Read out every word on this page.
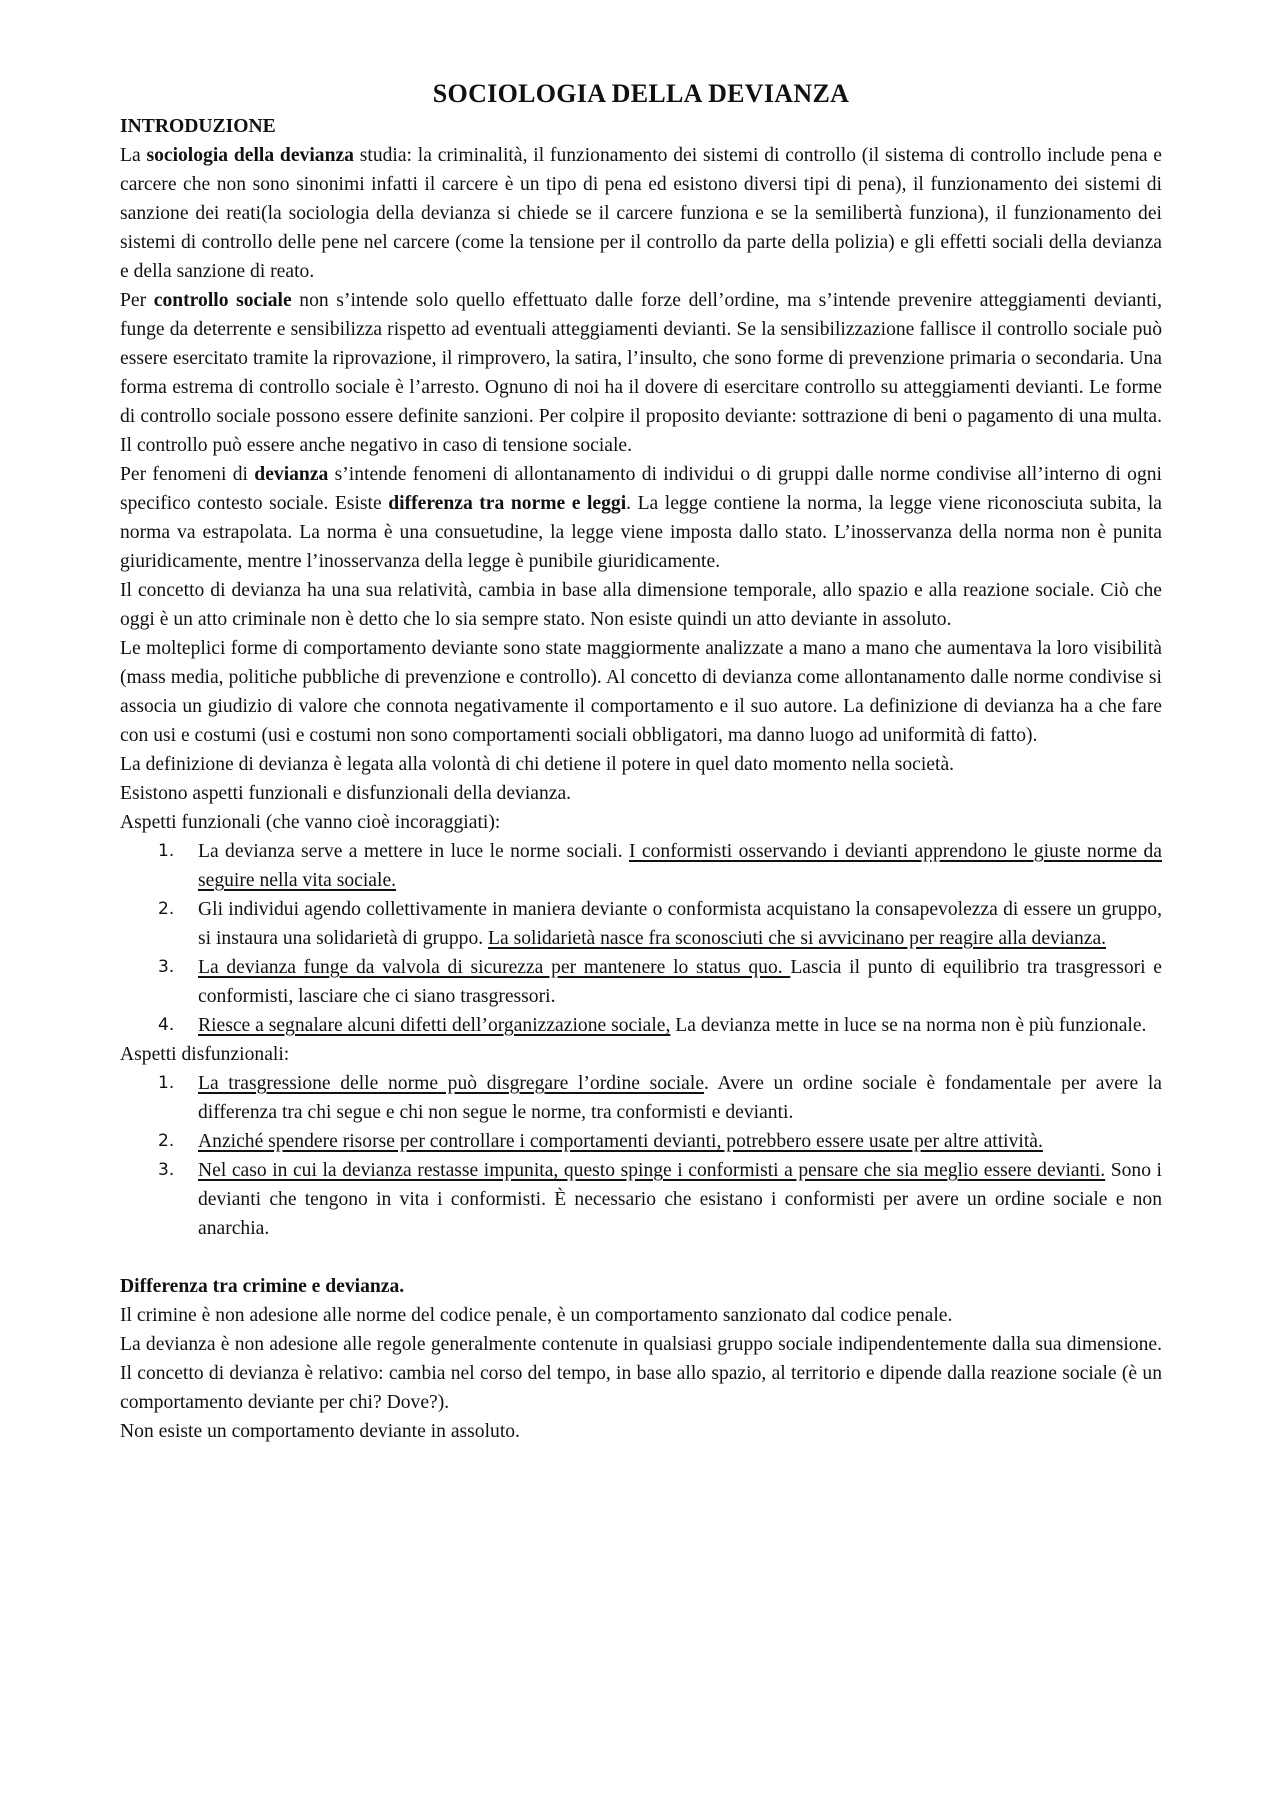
SOCIOLOGIA DELLA DEVIANZA
INTRODUZIONE

La sociologia della devianza studia: la criminalità, il funzionamento dei sistemi di controllo (il sistema di controllo include pena e carcere che non sono sinonimi infatti il carcere è un tipo di pena ed esistono diversi tipi di pena), il funzionamento dei sistemi di sanzione dei reati(la sociologia della devianza si chiede se il carcere funziona e se la semilibertà funziona), il funzionamento dei sistemi di controllo delle pene nel carcere (come la tensione per il controllo da parte della polizia) e gli effetti sociali della devianza e della sanzione di reato.

Per controllo sociale non s’intende solo quello effettuato dalle forze dell’ordine, ma s’intende prevenire atteggiamenti devianti, funge da deterrente e sensibilizza rispetto ad eventuali atteggiamenti devianti. Se la sensibilizzazione fallisce il controllo sociale può essere esercitato tramite la riprovazione, il rimprovero, la satira, l’insulto, che sono forme di prevenzione primaria o secondaria. Una forma estrema di controllo sociale è l’arresto. Ognuno di noi ha il dovere di esercitare controllo su atteggiamenti devianti. Le forme di controllo sociale possono essere definite sanzioni. Per colpire il proposito deviante: sottrazione di beni o pagamento di una multa. Il controllo può essere anche negativo in caso di tensione sociale.

Per fenomeni di devianza s’intende fenomeni di allontanamento di individui o di gruppi dalle norme condivise all’interno di ogni specifico contesto sociale. Esiste differenza tra norme e leggi. La legge contiene la norma, la legge viene riconosciuta subita, la norma va estrapolata. La norma è una consuetudine, la legge viene imposta dallo stato. L’inosservanza della norma non è punita giuridicamente, mentre l’inosservanza della legge è punibile giuridicamente.

Il concetto di devianza ha una sua relatività, cambia in base alla dimensione temporale, allo spazio e alla reazione sociale. Ciò che oggi è un atto criminale non è detto che lo sia sempre stato. Non esiste quindi un atto deviante in assoluto.

Le molteplici forme di comportamento deviante sono state maggiormente analizzate a mano a mano che aumentava la loro visibilità (mass media, politiche pubbliche di prevenzione e controllo). Al concetto di devianza come allontanamento dalle norme condivise si associa un giudizio di valore che connota negativamente il comportamento e il suo autore. La definizione di devianza ha a che fare con usi e costumi (usi e costumi non sono comportamenti sociali obbligatori, ma danno luogo ad uniformità di fatto).

La definizione di devianza è legata alla volontà di chi detiene il potere in quel dato momento nella società.

Esistono aspetti funzionali e disfunzionali della devianza.

Aspetti funzionali (che vanno cioè incoraggiati):

1.	La devianza serve a mettere in luce le norme sociali. I conformisti osservando i devianti apprendono le giuste norme da seguire nella vita sociale.
2.	Gli individui agendo collettivamente in maniera deviante o conformista acquistano la consapevolezza di essere un gruppo, si instaura una solidarietà di gruppo. La solidarietà nasce fra sconosciuti che si avvicinano per reagire alla devianza.
3.	La devianza funge da valvola di sicurezza per mantenere lo status quo. Lascia il punto di equilibrio tra trasgressori e conformisti, lasciare che ci siano trasgressori.
4.	Riesce a segnalare alcuni difetti dell’organizzazione sociale, La devianza mette in luce se na norma non è più funzionale.

Aspetti disfunzionali:

1.	La trasgressione delle norme può disgregare l’ordine sociale. Avere un ordine sociale è fondamentale per avere la differenza tra chi segue e chi non segue le norme, tra conformisti e devianti.
2.	Anziché spendere risorse per controllare i comportamenti devianti, potrebbero essere usate per altre attività.
3.	Nel caso in cui la devianza restasse impunita, questo spinge i conformisti a pensare che sia meglio essere devianti. Sono i devianti che tengono in vita i conformisti. È necessario che esistano i conformisti per avere un ordine sociale e non anarchia.
Differenza tra crimine e devianza.

Il crimine è non adesione alle norme del codice penale, è un comportamento sanzionato dal codice penale.

La devianza è non adesione alle regole generalmente contenute in qualsiasi gruppo sociale indipendentemente dalla sua dimensione. Il concetto di devianza è relativo: cambia nel corso del tempo, in base allo spazio, al territorio e dipende dalla reazione sociale (è un comportamento deviante per chi? Dove?).

Non esiste un comportamento deviante in assoluto.
